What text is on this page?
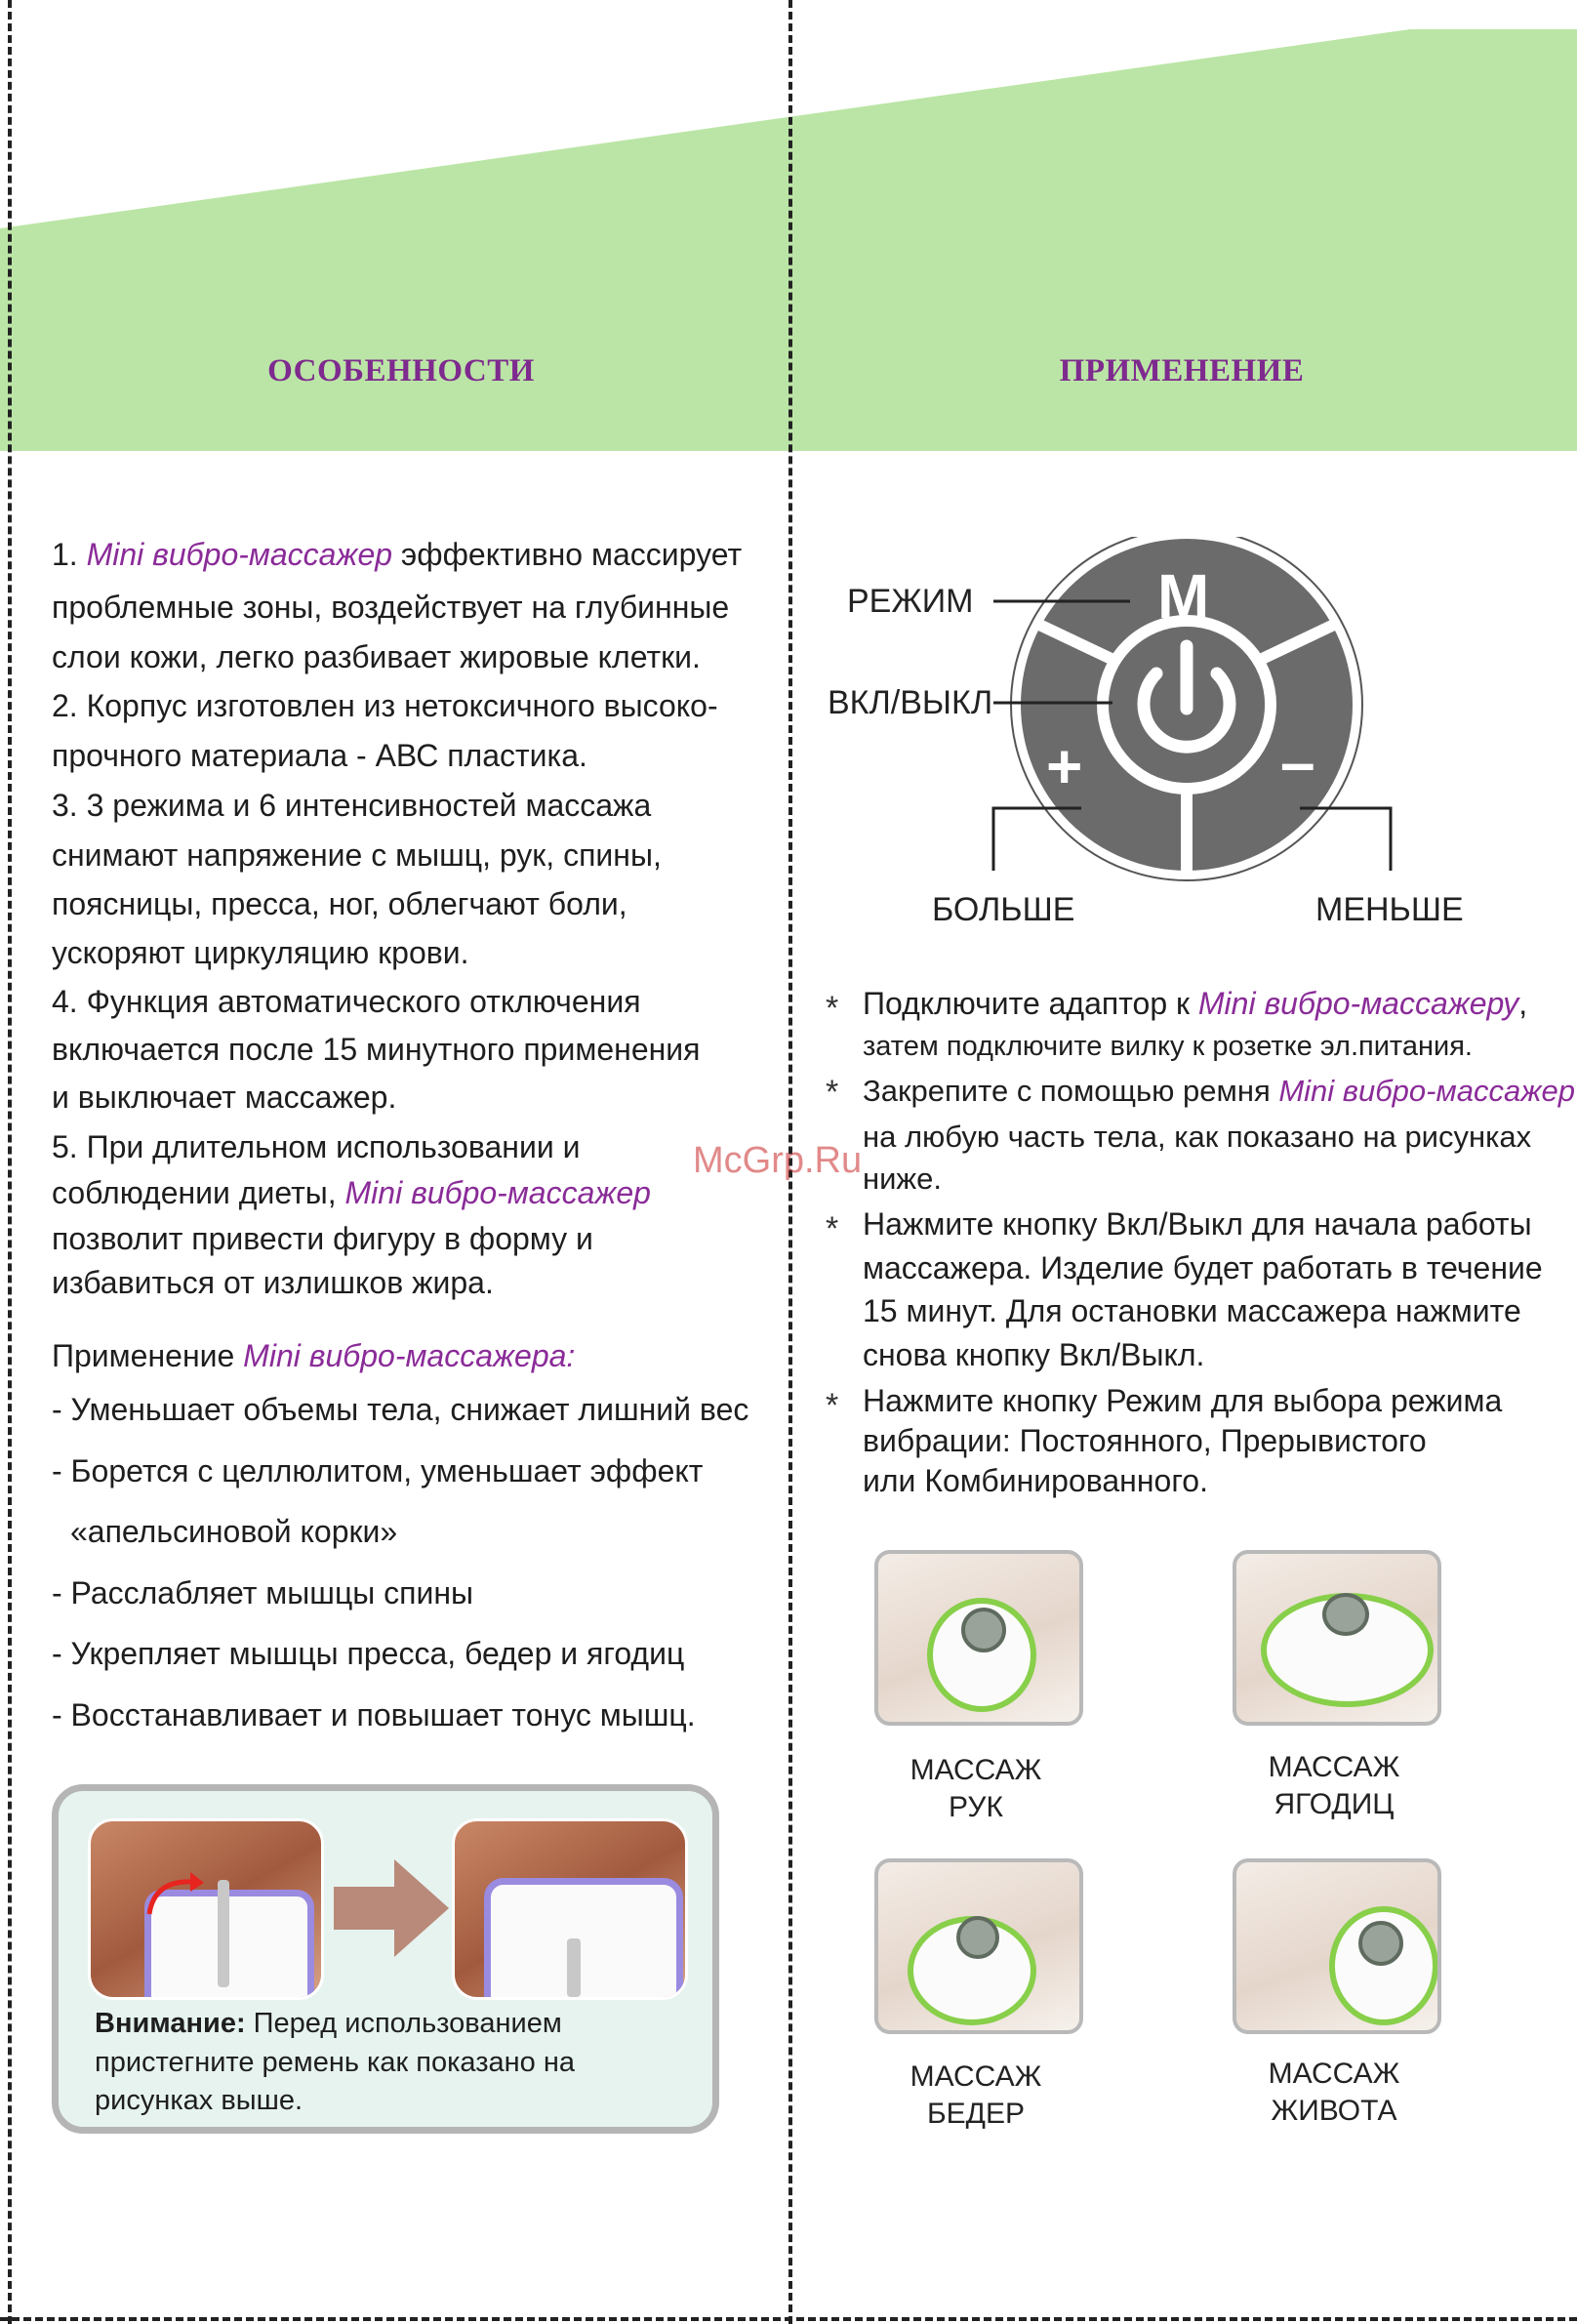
ОСОБЕННОСТИ	ПРИМЕНЕНИЕ
1. Mini вибро-массажер эффективно массирует
проблемные зоны, воздействует на глубинные
слои кожи, легко разбивает жировые клетки.
2. Корпус изготовлен из нетоксичного высоко-
прочного материала - АВС пластика.
3. 3 режима и 6 интенсивностей массажа
снимают напряжение с мышц, рук, спины,
поясницы, пресса, ног, облегчают боли,
ускоряют циркуляцию крови.
4. Функция автоматического отключения
включается после 15 минутного применения
и выключает массажер.
5. При длительном использовании и
соблюдении диеты, Mini вибро-массажер
позволит привести фигуру в форму и
избавиться от излишков жира.
Применение Mini вибро-массажера:
- Уменьшает объемы тела, снижает лишний вес
- Борется с целлюлитом, уменьшает эффект
«апельсиновой корки»
- Расслабляет мышцы спины
- Укрепляет мышцы пресса, бедер и ягодиц
- Восстанавливает и повышает тонус мышц.
Внимание: Перед использованием
пристегните ремень как показано на
рисунках выше.
M
+	–
РЕЖИМ
ВКЛ/ВЫКЛ
БОЛЬШЕ	МЕНЬШЕ
* Подключите адаптор к Mini вибро-массажеру,
затем подключите вилку к розетке эл.питания.
* Закрепите с помощью ремня Mini вибро-массажер
на любую часть тела, как показано на рисунках
ниже.
* Нажмите кнопку Вкл/Выкл для начала работы
массажера. Изделие будет работать в течение
15 минут. Для остановки массажера нажмите
снова кнопку Вкл/Выкл.
* Нажмите кнопку Режим для выбора режима
вибрации: Постоянного, Прерывистого
или Комбинированного.
МАССАЖ
РУК
МАССАЖ
ЯГОДИЦ
МАССАЖ
БЕДЕР
МАССАЖ
ЖИВОТА
McGrp.Ru
